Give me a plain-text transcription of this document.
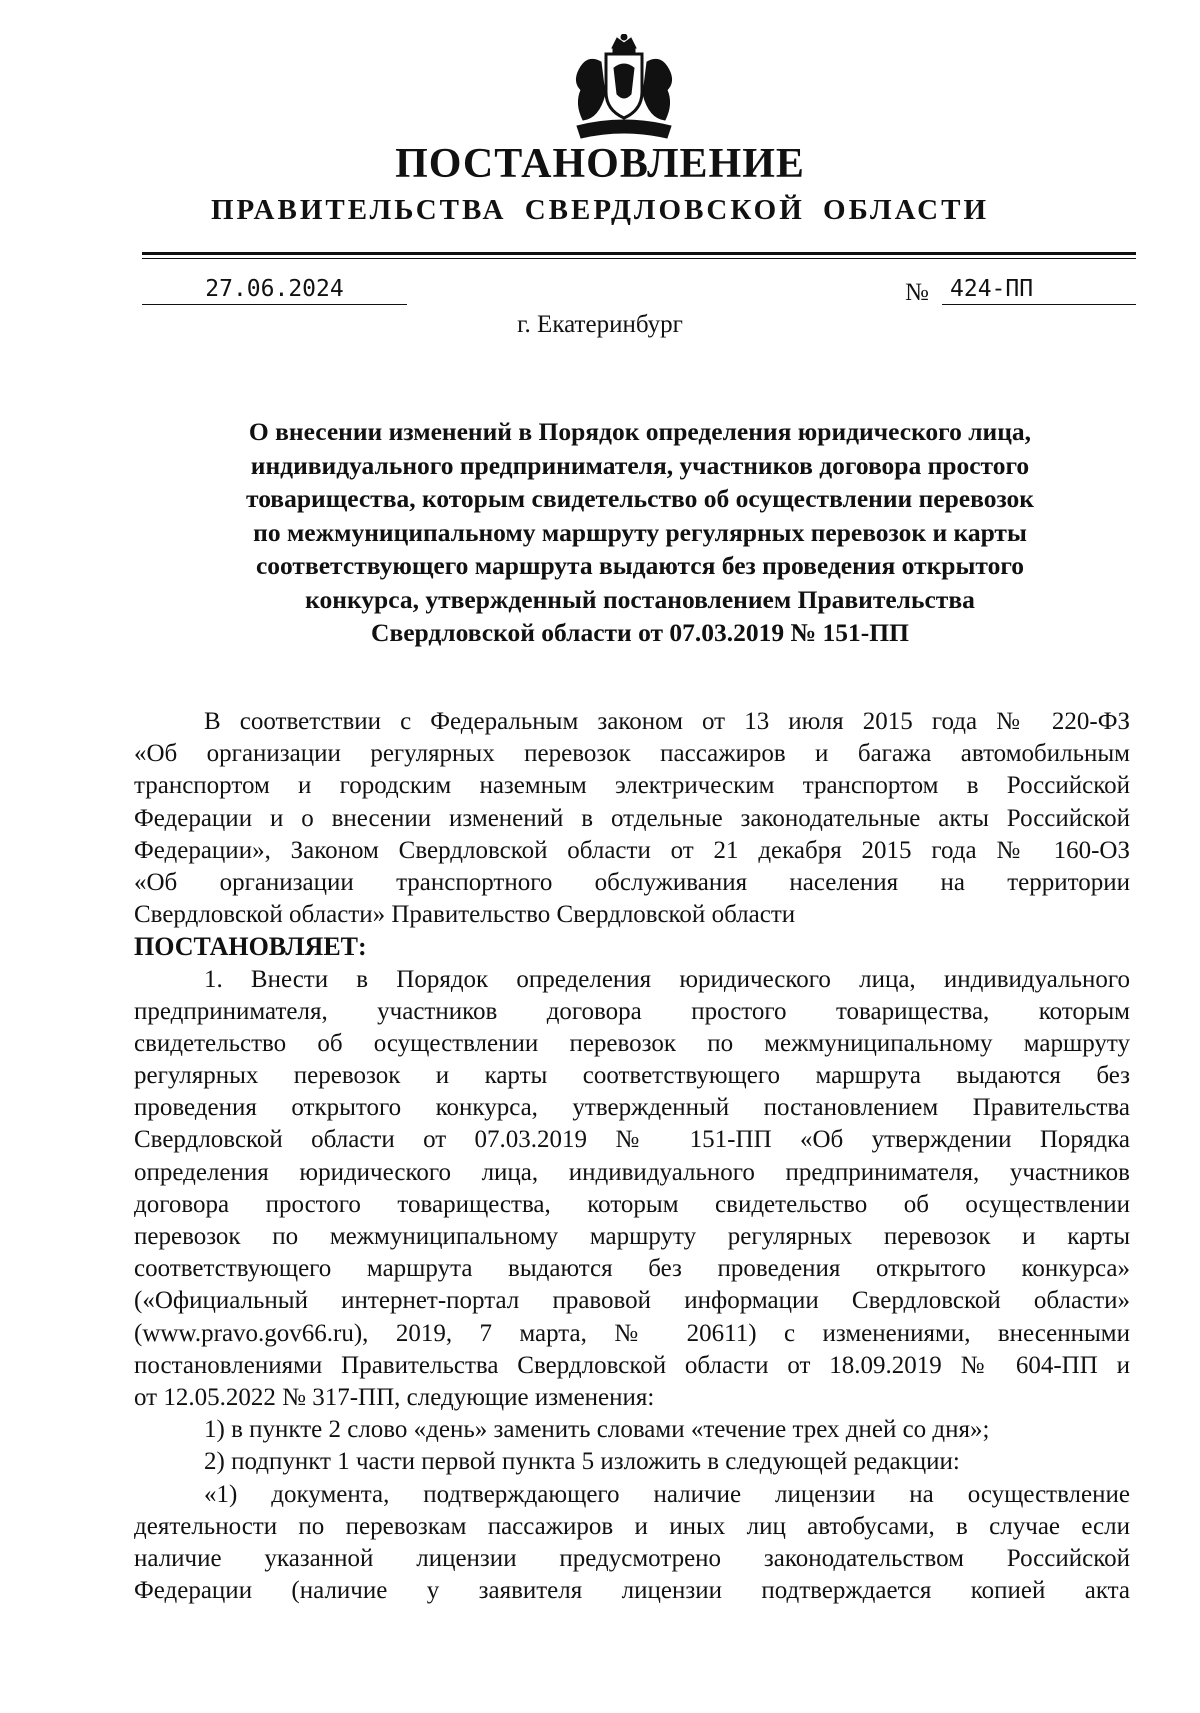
ПОСТАНОВЛЕНИЕ
ПРАВИТЕЛЬСТВА СВЕРДЛОВСКОЙ ОБЛАСТИ
27.06.2024	№ 424-ПП
г. Екатеринбург
О внесении изменений в Порядок определения юридического лица,
индивидуального предпринимателя, участников договора простого
товарищества, которым свидетельство об осуществлении перевозок
по межмуниципальному маршруту регулярных перевозок и карты
соответствующего маршрута выдаются без проведения открытого
конкурса, утвержденный постановлением Правительства
Свердловской области от 07.03.2019 № 151-ПП
В соответствии с Федеральным законом от 13 июля 2015 года № 220-ФЗ
«Об организации регулярных перевозок пассажиров и багажа автомобильным
транспортом и городским наземным электрическим транспортом в Российской
Федерации и о внесении изменений в отдельные законодательные акты Российской
Федерации», Законом Свердловской области от 21 декабря 2015 года № 160-ОЗ
«Об организации транспортного обслуживания населения на территории
Свердловской области» Правительство Свердловской области
ПОСТАНОВЛЯЕТ:
1. Внести в Порядок определения юридического лица, индивидуального
предпринимателя, участников договора простого товарищества, которым
свидетельство об осуществлении перевозок по межмуниципальному маршруту
регулярных перевозок и карты соответствующего маршрута выдаются без
проведения открытого конкурса, утвержденный постановлением Правительства
Свердловской области от 07.03.2019 № 151-ПП «Об утверждении Порядка
определения юридического лица, индивидуального предпринимателя, участников
договора простого товарищества, которым свидетельство об осуществлении
перевозок по межмуниципальному маршруту регулярных перевозок и карты
соответствующего маршрута выдаются без проведения открытого конкурса»
(«Официальный интернет-портал правовой информации Свердловской области»
(www.pravo.gov66.ru), 2019, 7 марта, № 20611) с изменениями, внесенными
постановлениями Правительства Свердловской области от 18.09.2019 № 604-ПП и
от 12.05.2022 № 317-ПП, следующие изменения:
1) в пункте 2 слово «день» заменить словами «течение трех дней со дня»;
2) подпункт 1 части первой пункта 5 изложить в следующей редакции:
«1) документа, подтверждающего наличие лицензии на осуществление
деятельности по перевозкам пассажиров и иных лиц автобусами, в случае если
наличие указанной лицензии предусмотрено законодательством Российской
Федерации (наличие у заявителя лицензии подтверждается копией акта
